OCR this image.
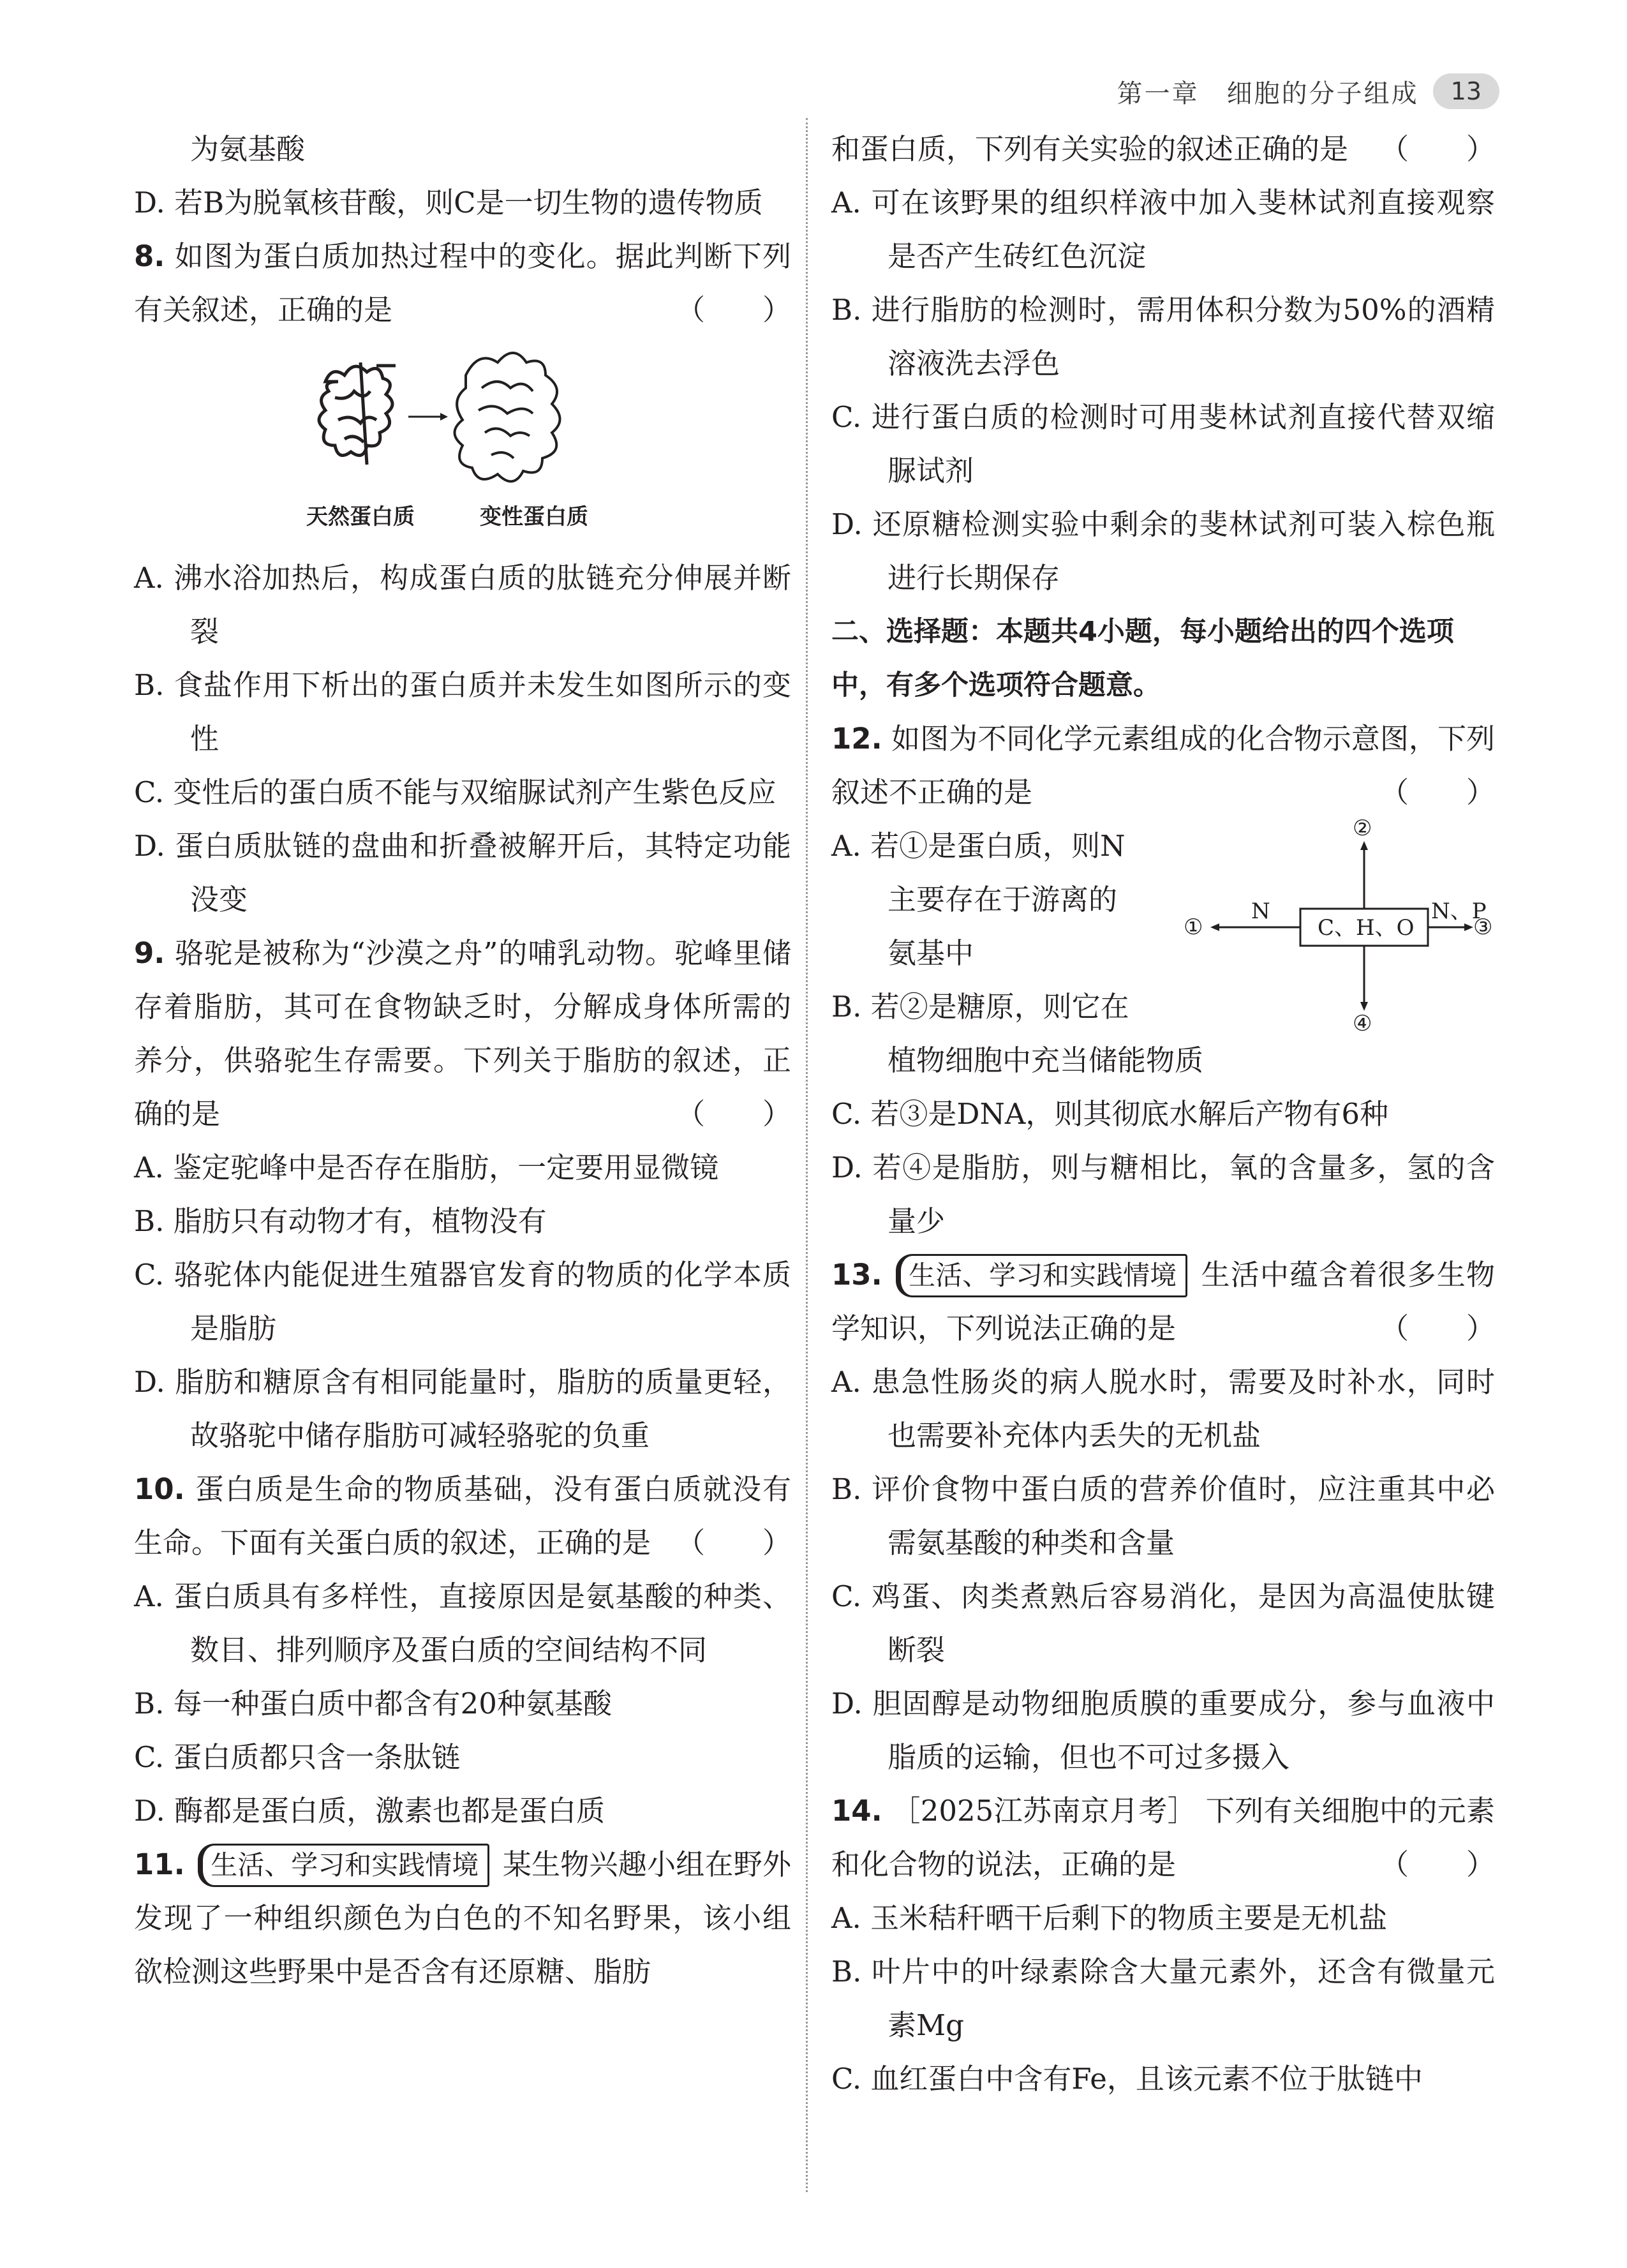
第一章　细胞的分子组成	13
为氨基酸
D. 若B为脱氧核苷酸，则C是一切生物的遗传物质
8. 如图为蛋白质加热过程中的变化。据此判断下列有关叙述，正确的是	（　　）
天然蛋白质	变性蛋白质
A. 沸水浴加热后，构成蛋白质的肽链充分伸展并断裂
B. 食盐作用下析出的蛋白质并未发生如图所示的变性
C. 变性后的蛋白质不能与双缩脲试剂产生紫色反应
D. 蛋白质肽链的盘曲和折叠被解开后，其特定功能没变
9. 骆驼是被称为“沙漠之舟”的哺乳动物。驼峰里储存着脂肪，其可在食物缺乏时，分解成身体所需的养分，供骆驼生存需要。下列关于脂肪的叙述，正确的是	（　　）
A. 鉴定驼峰中是否存在脂肪，一定要用显微镜
B. 脂肪只有动物才有，植物没有
C. 骆驼体内能促进生殖器官发育的物质的化学本质是脂肪
D. 脂肪和糖原含有相同能量时，脂肪的质量更轻，故骆驼中储存脂肪可减轻骆驼的负重
10. 蛋白质是生命的物质基础，没有蛋白质就没有生命。下面有关蛋白质的叙述，正确的是 （　　）
A. 蛋白质具有多样性，直接原因是氨基酸的种类、数目、排列顺序及蛋白质的空间结构不同
B. 每一种蛋白质中都含有20种氨基酸
C. 蛋白质都只含一条肽链
D. 酶都是蛋白质，激素也都是蛋白质
11. 生活、学习和实践情境 某生物兴趣小组在野外发现了一种组织颜色为白色的不知名野果，该小组欲检测这些野果中是否含有还原糖、脂肪
和蛋白质，下列有关实验的叙述正确的是 （　　）
A. 可在该野果的组织样液中加入斐林试剂直接观察是否产生砖红色沉淀
B. 进行脂肪的检测时，需用体积分数为50%的酒精溶液洗去浮色
C. 进行蛋白质的检测时可用斐林试剂直接代替双缩脲试剂
D. 还原糖检测实验中剩余的斐林试剂可装入棕色瓶进行长期保存
二、选择题：本题共4小题，每小题给出的四个选项中，有多个选项符合题意。
12. 如图为不同化学元素组成的化合物示意图，下列叙述不正确的是	（　　）
C、H、O
N	N、P
②
④
①	③
A. 若①是蛋白质，则N
主要存在于游离的
氨基中
B. 若②是糖原，则它在
植物细胞中充当储能物质
C. 若③是DNA，则其彻底水解后产物有6种
D. 若④是脂肪，则与糖相比，氧的含量多，氢的含量少
13. 生活、学习和实践情境 生活中蕴含着很多生物学知识，下列说法正确的是	（　　）
A. 患急性肠炎的病人脱水时，需要及时补水，同时也需要补充体内丢失的无机盐
B. 评价食物中蛋白质的营养价值时，应注重其中必需氨基酸的种类和含量
C. 鸡蛋、肉类煮熟后容易消化，是因为高温使肽键断裂
D. 胆固醇是动物细胞质膜的重要成分，参与血液中脂质的运输，但也不可过多摄入
14. ［2025江苏南京月考］ 下列有关细胞中的元素和化合物的说法，正确的是	（　　）
A. 玉米秸秆晒干后剩下的物质主要是无机盐
B. 叶片中的叶绿素除含大量元素外，还含有微量元素Mg
C. 血红蛋白中含有Fe，且该元素不位于肽链中
